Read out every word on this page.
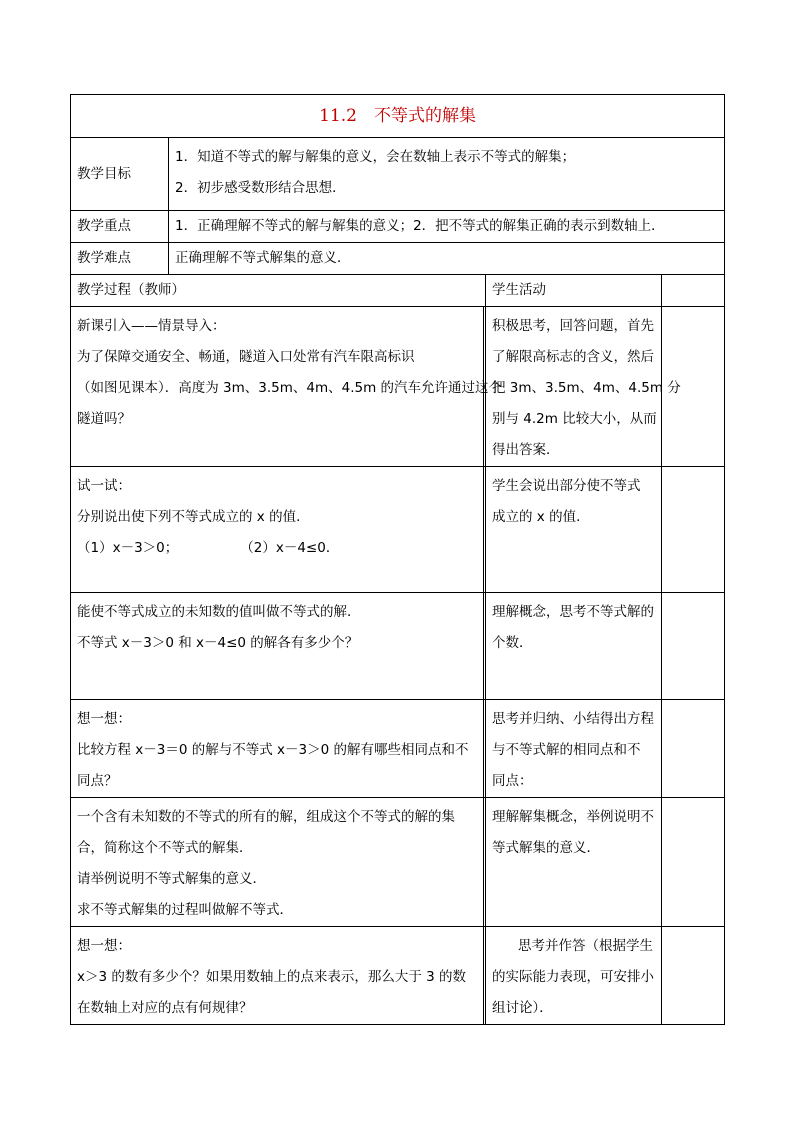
11.2　不等式的解集				
教学目标	1．知道不等式的解与解集的意义，会在数轴上表示不等式的解集；
2．初步感受数形结合思想．			

教学重点	1．正确理解不等式的解与解集的意义；2．把不等式的解集正确的表示到数轴上．			
教学难点	正确理解不等式解集的意义．			
教学过程（教师）			学生活动	

新课引入——情景导入：
为了保障交通安全、畅通，隧道入口处常有汽车限高标识
（如图见课本）．高度为 3m、3.5m、4m、4.5m 的汽车允许通过这个
隧道吗？			积极思考，回答问题，首先
了解限高标志的含义，然后
把 3m、3.5m、4m、4.5m 分
别与 4.2m 比较大小，从而
得出答案．	

试一试：
分别说出使下列不等式成立的 x 的值．
（1）x－3＞0； （2）x－4≤0．			学生会说出部分使不等式
成立的 x 的值．	

能使不等式成立的未知数的值叫做不等式的解．
不等式 x－3＞0 和 x－4≤0 的解各有多少个？			理解概念，思考不等式解的
个数．	

想一想：
比较方程 x－3＝0 的解与不等式 x－3＞0 的解有哪些相同点和不
同点？			思考并归纳、小结得出方程
与不等式解的相同点和不
同点：	

一个含有未知数的不等式的所有的解，组成这个不等式的解的集
合，简称这个不等式的解集．
请举例说明不等式解集的意义．
求不等式解集的过程叫做解不等式．			理解解集概念，举例说明不
等式解集的意义．	

想一想：
x＞3 的数有多少个？如果用数轴上的点来表示，那么大于 3 的数
在数轴上对应的点有何规律？			思考并作答（根据学生
的实际能力表现，可安排小
组讨论）．	
